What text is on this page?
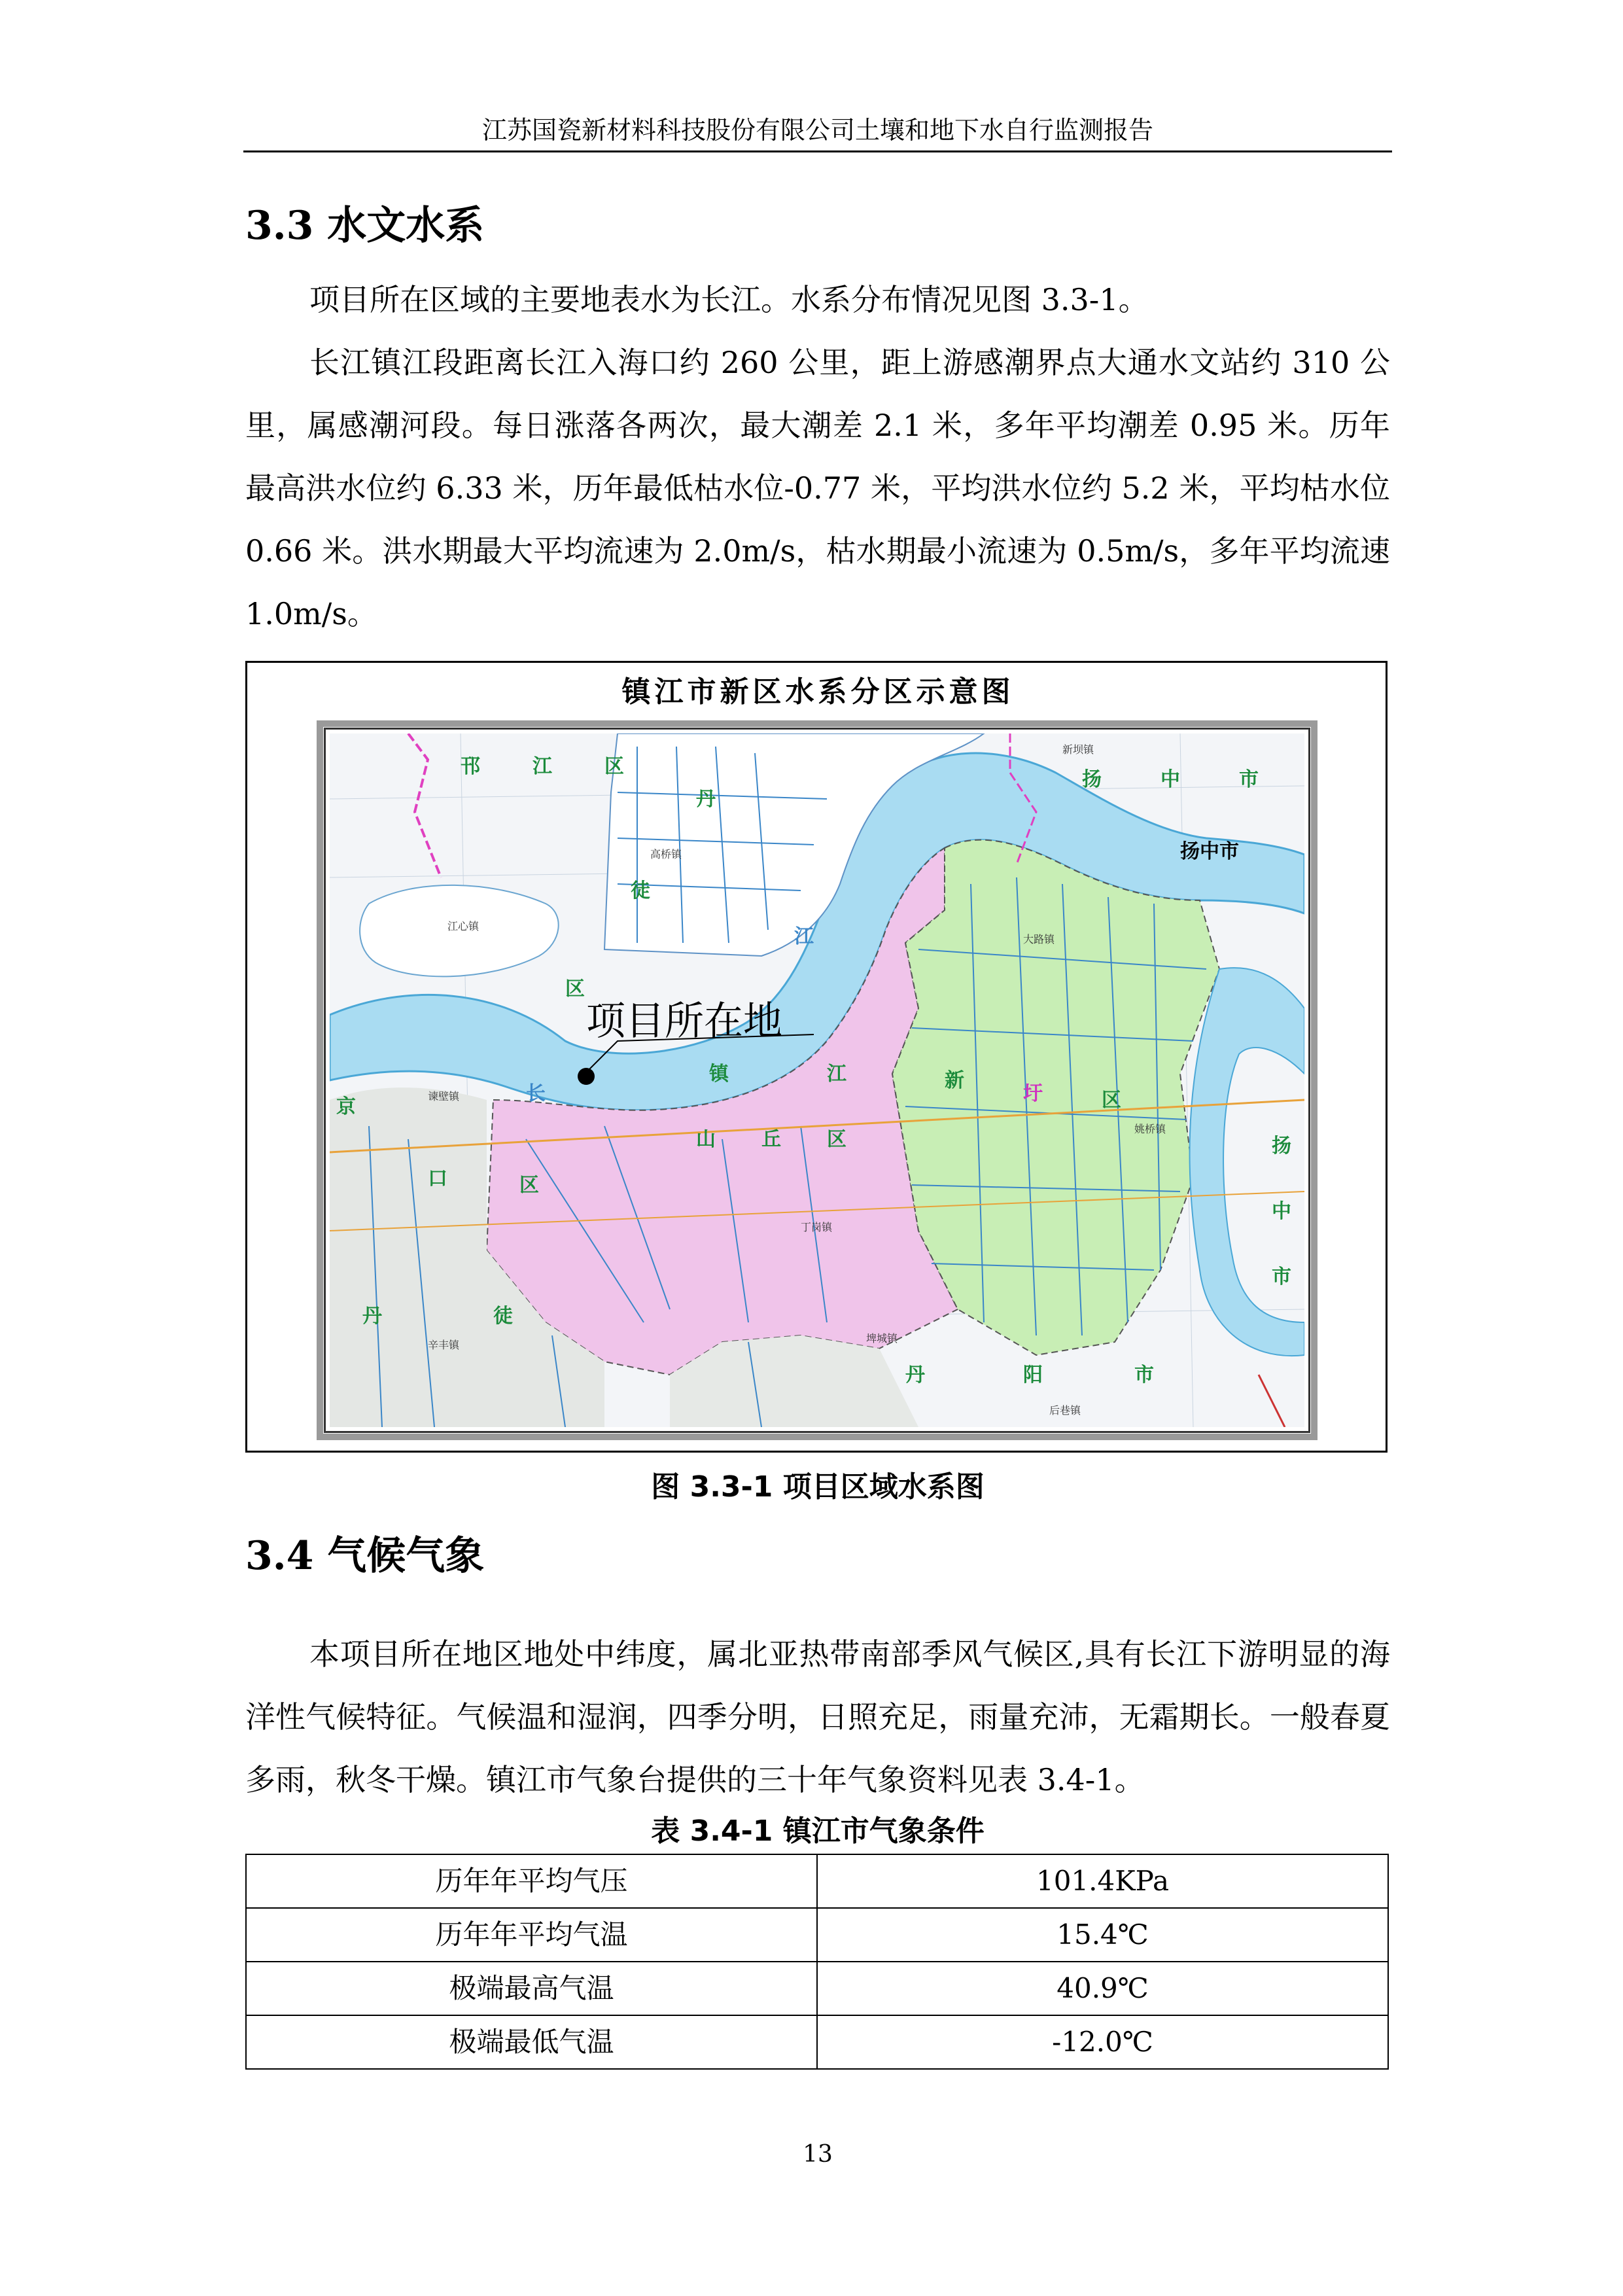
江苏国瓷新材料科技股份有限公司土壤和地下水自行监测报告
3.3 水文水系
项目所在区域的主要地表水为长江。水系分布情况见图 3.3-1。
长江镇江段距离长江入海口约 260 公里，距上游感潮界点大通水文站约 310 公里，属感潮河段。每日涨落各两次，最大潮差 2.1 米，多年平均潮差 0.95 米。历年最高洪水位约 6.33 米，历年最低枯水位-0.77 米，平均洪水位约 5.2 米，平均枯水位 0.66 米。洪水期最大平均流速为 2.0m/s，枯水期最小流速为 0.5m/s，多年平均流速 1.0m/s。
镇江市新区水系分区示意图
项目所在地
扬中市
扬	中	市
邗	江	区
丹
徒
镇	江	新
圩	区
山 丘 区
京
口	区
扬
中
市
丹	阳	市
丹	徒
长
江
区
新坝镇
高桥镇
江心镇
大路镇
姚桥镇
丁岗镇
辛丰镇
埤城镇
后巷镇
谏壁镇
图 3.3-1 项目区域水系图
3.4 气候气象
本项目所在地区地处中纬度，属北亚热带南部季风气候区,具有长江下游明显的海洋性气候特征。气候温和湿润，四季分明，日照充足，雨量充沛，无霜期长。一般春夏多雨，秋冬干燥。镇江市气象台提供的三十年气象资料见表 3.4-1。
表 3.4-1 镇江市气象条件
历年年平均气压	101.4KPa
历年年平均气温	15.4℃
极端最高气温	40.9℃
极端最低气温	-12.0℃
13
